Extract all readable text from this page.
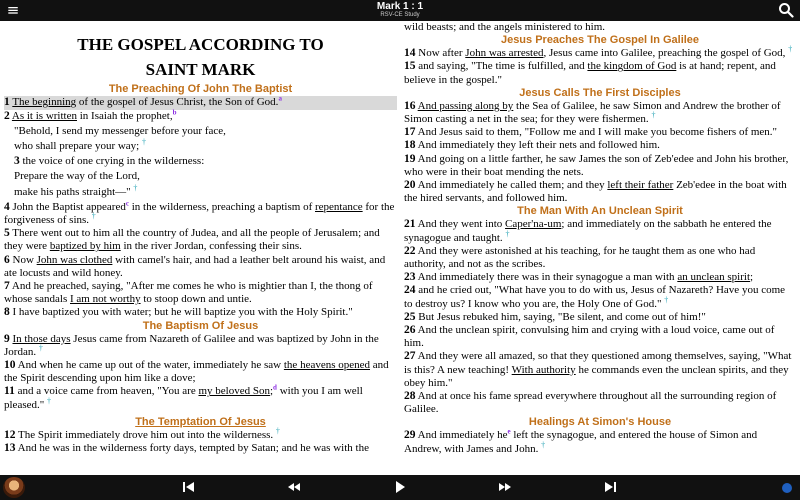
≡	Mark 1 : 1
RSV-CE Study
THE GOSPEL ACCORDING TO
SAINT MARK
The Preaching Of John The Baptist
1 The beginning of the gospel of Jesus Christ, the Son of God.$^a$
2 As it is written in Isaiah the prophet,$^b$
"Behold, I send my messenger before your face,
who shall prepare your way; †
3 the voice of one crying in the wilderness:
Prepare the way of the Lord,
make his paths straight—" †
4 John the Baptist appeared$^c$ in the wilderness, preaching a baptism of repentance for the forgiveness of sins. †
5 There went out to him all the country of Judea, and all the people of Jerusalem; and they were baptized by him in the river Jordan, confessing their sins.
6 Now John was clothed with camel's hair, and had a leather belt around his waist, and ate locusts and wild honey.
7 And he preached, saying, "After me comes he who is mightier than I, the thong of whose sandals I am not worthy to stoop down and untie.
8 I have baptized you with water; but he will baptize you with the Holy Spirit."
The Baptism Of Jesus
9 In those days Jesus came from Nazareth of Galilee and was baptized by John in the Jordan. †
10 And when he came up out of the water, immediately he saw the heavens opened and the Spirit descending upon him like a dove;
11 and a voice came from heaven, "You are my beloved Son;$^d$ with you I am well pleased." †
The Temptation Of Jesus
12 The Spirit immediately drove him out into the wilderness. †
13 And he was in the wilderness forty days, tempted by Satan; and he was with the
wild beasts; and the angels ministered to him.
Jesus Preaches The Gospel In Galilee
14 Now after John was arrested, Jesus came into Galilee, preaching the gospel of God, †
15 and saying, "The time is fulfilled, and the kingdom of God is at hand; repent, and believe in the gospel."
Jesus Calls The First Disciples
16 And passing along by the Sea of Galilee, he saw Simon and Andrew the brother of Simon casting a net in the sea; for they were fishermen. †
17 And Jesus said to them, "Follow me and I will make you become fishers of men."
18 And immediately they left their nets and followed him.
19 And going on a little farther, he saw James the son of Zeb'edee and John his brother, who were in their boat mending the nets.
20 And immediately he called them; and they left their father Zeb'edee in the boat with the hired servants, and followed him.
The Man With An Unclean Spirit
21 And they went into Caper'na-um; and immediately on the sabbath he entered the synagogue and taught. †
22 And they were astonished at his teaching, for he taught them as one who had authority, and not as the scribes.
23 And immediately there was in their synagogue a man with an unclean spirit;
24 and he cried out, "What have you to do with us, Jesus of Nazareth? Have you come to destroy us? I know who you are, the Holy One of God." †
25 But Jesus rebuked him, saying, "Be silent, and come out of him!"
26 And the unclean spirit, convulsing him and crying with a loud voice, came out of him.
27 And they were all amazed, so that they questioned among themselves, saying, "What is this? A new teaching! With authority he commands even the unclean spirits, and they obey him."
28 And at once his fame spread everywhere throughout all the surrounding region of Galilee.
Healings At Simon's House
29 And immediately he$^e$ left the synagogue, and entered the house of Simon and Andrew, with James and John. †
